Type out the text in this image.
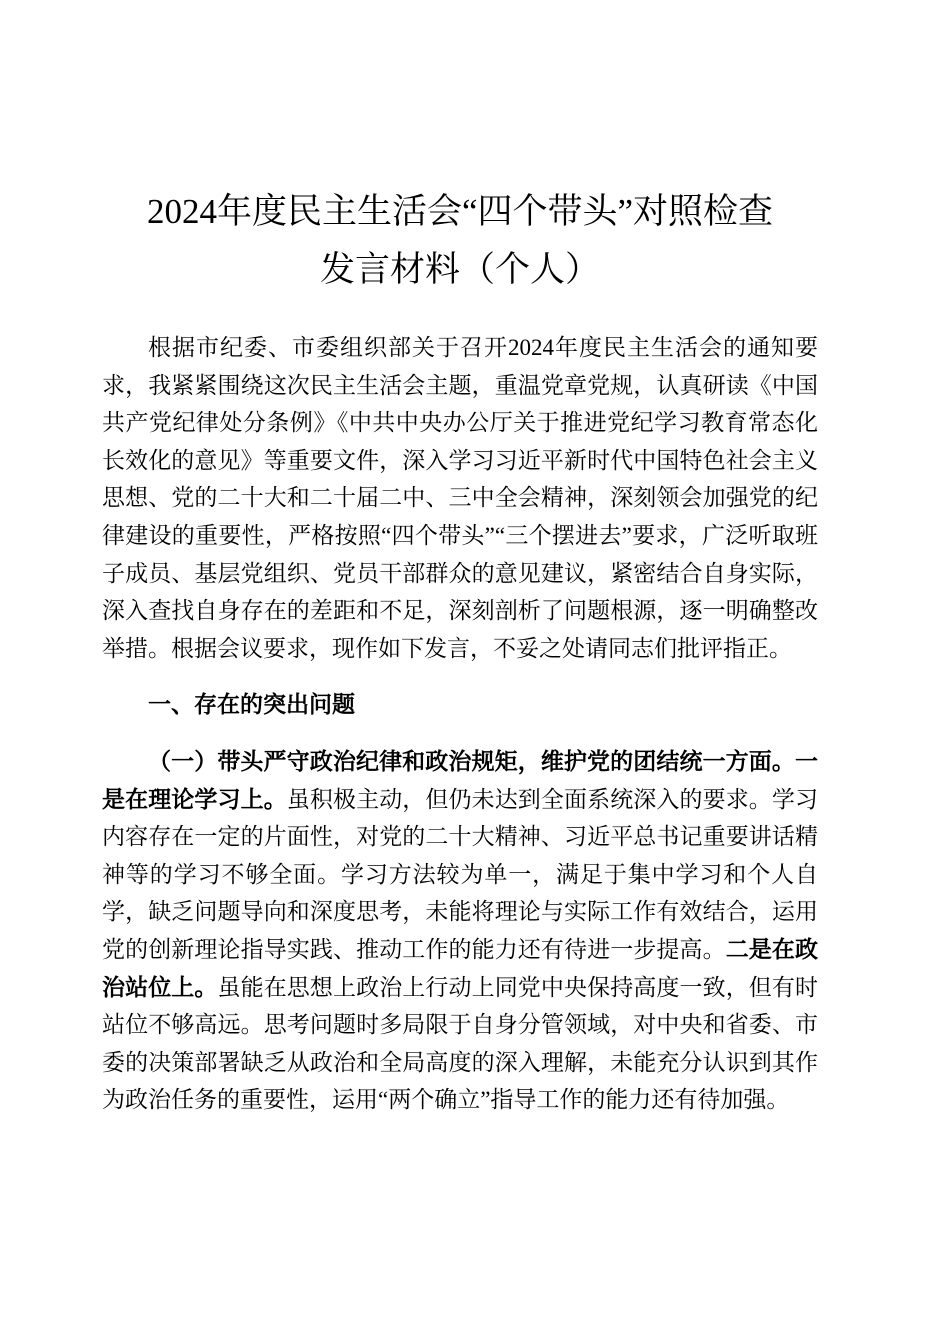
2024年度民主生活会“四个带头”对照检查
发言材料（个人）

根据市纪委、市委组织部关于召开2024年度民主生活会的通知要求，我紧紧围绕这次民主生活会主题，重温党章党规，认真研读《中国共产党纪律处分条例》《中共中央办公厅关于推进党纪学习教育常态化长效化的意见》等重要文件，深入学习习近平新时代中国特色社会主义思想、党的二十大和二十届二中、三中全会精神，深刻领会加强党的纪律建设的重要性，严格按照“四个带头”“三个摆进去”要求，广泛听取班子成员、基层党组织、党员干部群众的意见建议，紧密结合自身实际，深入查找自身存在的差距和不足，深刻剖析了问题根源，逐一明确整改举措。根据会议要求，现作如下发言，不妥之处请同志们批评指正。

一、存在的突出问题

（一）带头严守政治纪律和政治规矩，维护党的团结统一方面。一是在理论学习上。虽积极主动，但仍未达到全面系统深入的要求。学习内容存在一定的片面性，对党的二十大精神、习近平总书记重要讲话精神等的学习不够全面。学习方法较为单一，满足于集中学习和个人自学，缺乏问题导向和深度思考，未能将理论与实际工作有效结合，运用党的创新理论指导实践、推动工作的能力还有待进一步提高。二是在政治站位上。虽能在思想上政治上行动上同党中央保持高度一致，但有时站位不够高远。思考问题时多局限于自身分管领域，对中央和省委、市委的决策部署缺乏从政治和全局高度的深入理解，未能充分认识到其作为政治任务的重要性，运用“两个确立”指导工作的能力还有待加强。
